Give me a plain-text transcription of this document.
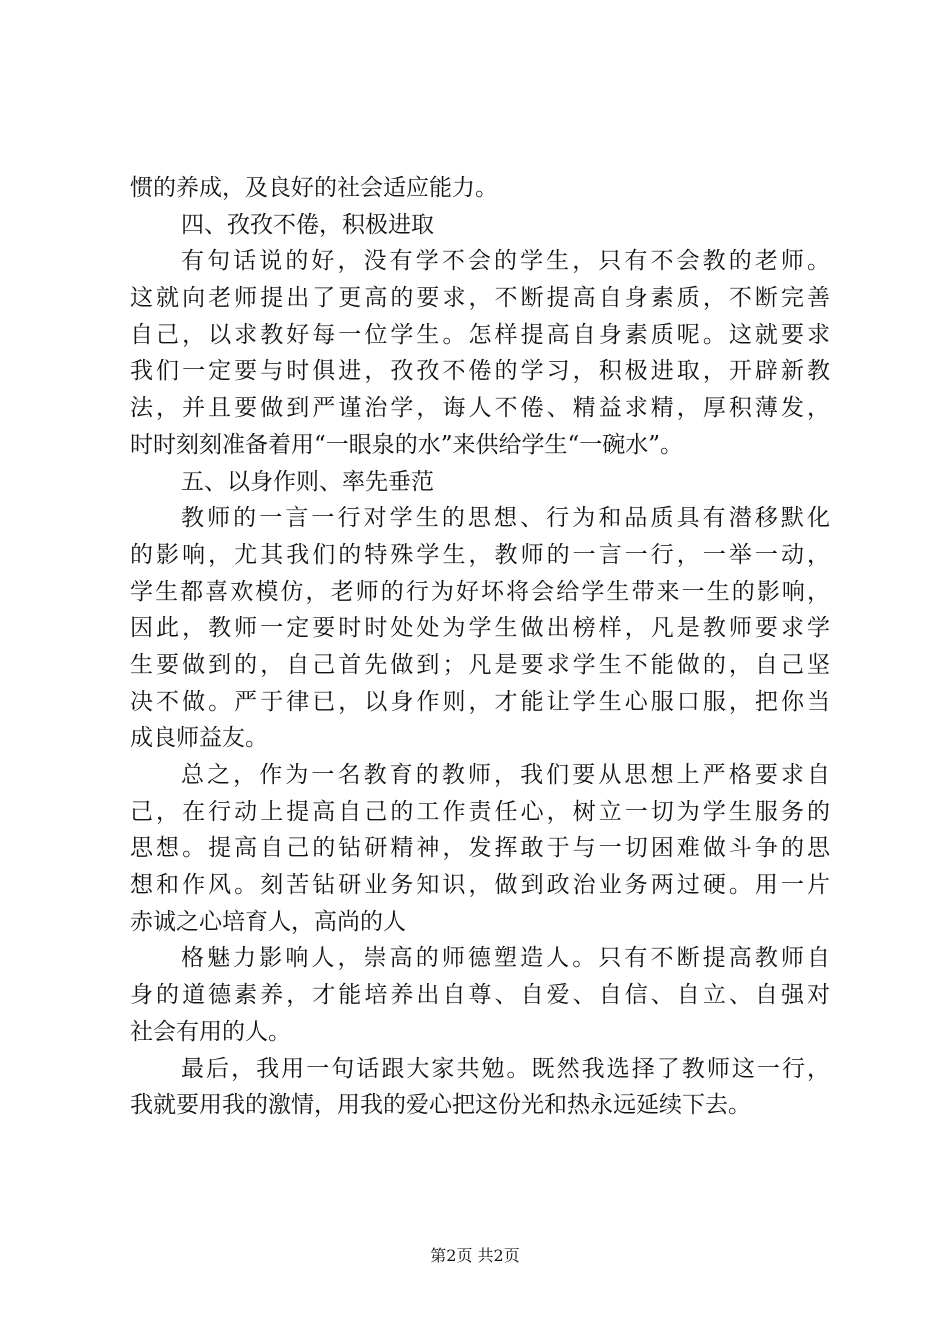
惯的养成，及良好的社会适应能力。
四、孜孜不倦，积极进取
有句话说的好，没有学不会的学生，只有不会教的老师。
这就向老师提出了更高的要求，不断提高自身素质，不断完善
自己，以求教好每一位学生。怎样提高自身素质呢。这就要求
我们一定要与时俱进，孜孜不倦的学习，积极进取，开辟新教
法，并且要做到严谨治学，诲人不倦、精益求精，厚积薄发，
时时刻刻准备着用“一眼泉的水”来供给学生“一碗水”。
五、以身作则、率先垂范
教师的一言一行对学生的思想、行为和品质具有潜移默化
的影响，尤其我们的特殊学生，教师的一言一行，一举一动，
学生都喜欢模仿，老师的行为好坏将会给学生带来一生的影响，
因此，教师一定要时时处处为学生做出榜样，凡是教师要求学
生要做到的，自己首先做到；凡是要求学生不能做的，自己坚
决不做。严于律已，以身作则，才能让学生心服口服，把你当
成良师益友。
总之，作为一名教育的教师，我们要从思想上严格要求自
己，在行动上提高自己的工作责任心，树立一切为学生服务的
思想。提高自己的钻研精神，发挥敢于与一切困难做斗争的思
想和作风。刻苦钻研业务知识，做到政治业务两过硬。用一片
赤诚之心培育人，高尚的人
格魅力影响人，崇高的师德塑造人。只有不断提高教师自
身的道德素养，才能培养出自尊、自爱、自信、自立、自强对
社会有用的人。
最后，我用一句话跟大家共勉。既然我选择了教师这一行，
我就要用我的激情，用我的爱心把这份光和热永远延续下去。
第2页 共2页
